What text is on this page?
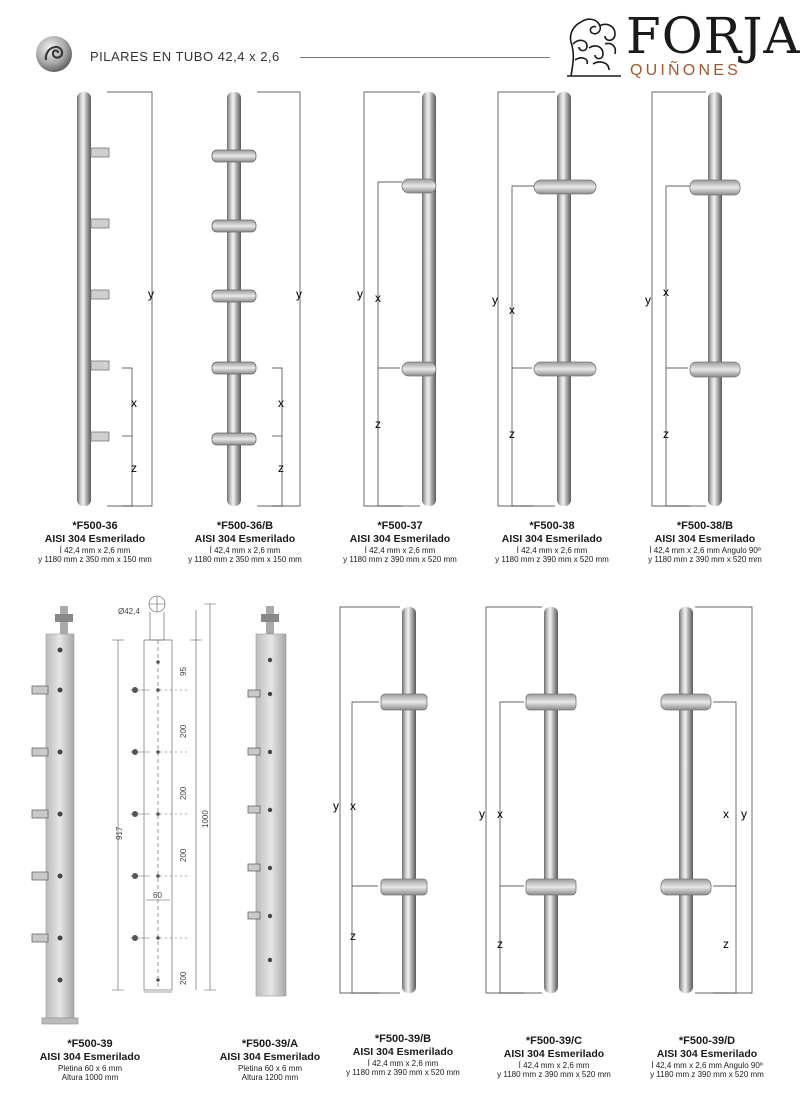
PILARES EN TUBO 42,4 x 2,6	FORJA
QUIÑONES
y
x
z
y
x
z
y x
z
y
x
z
y
x
z
*F500-36
AISI 304 Esmerilado
Í 42,4 mm x 2,6 mm
y 1180 mm z 350 mm x 150 mm
*F500-36/B
AISI 304 Esmerilado
Í 42,4 mm x 2,6 mm
y 1180 mm z 350 mm x 150 mm
*F500-37
AISI 304 Esmerilado
Í 42,4 mm x 2,6 mm
y 1180 mm z 390 mm x 520 mm
*F500-38
AISI 304 Esmerilado
Í 42,4 mm x 2,6 mm
y 1180 mm z 390 mm x 520 mm
*F500-38/B
AISI 304 Esmerilado
Í 42,4 mm x 2,6 mm Angulo 90º
y 1180 mm z 390 mm x 520 mm
Ø42,4
95
200
200
200
200
917
1000
60
y x
z
y x
z
x y
z
*F500-39
AISI 304 Esmerilado
Pletina 60 x 6 mm
Altura 1000 mm
*F500-39/A
AISI 304 Esmerilado
Pletina 60 x 6 mm
Altura 1200 mm
*F500-39/B
AISI 304 Esmerilado
Í 42,4 mm x 2,6 mm
y 1180 mm z 390 mm x 520 mm
*F500-39/C
AISI 304 Esmerilado
Í 42,4 mm x 2,6 mm
y 1180 mm z 390 mm x 520 mm
*F500-39/D
AISI 304 Esmerilado
Í 42,4 mm x 2,6 mm Angulo 90º
y 1180 mm z 390 mm x 520 mm
